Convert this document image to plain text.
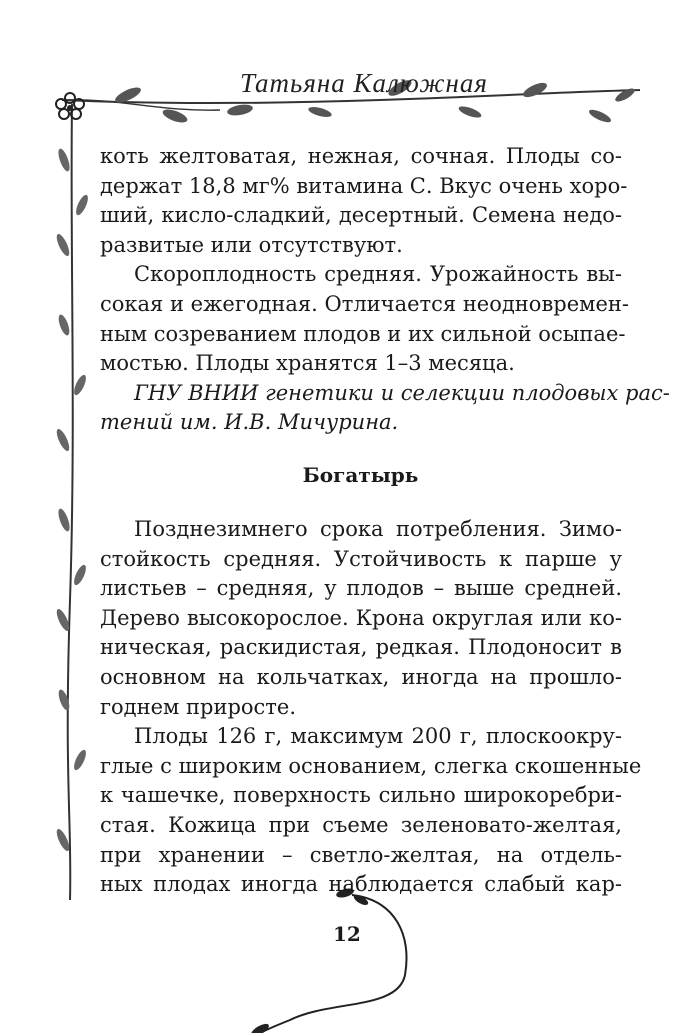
Татьяна Калюжная
коть желтоватая, нежная, сочная. Плоды со-
держат 18,8 мг% витамина С. Вкус очень хоро-
ший, кисло-сладкий, десертный. Семена недо-
развитые или отсутствуют.
Скороплодность средняя. Урожайность вы-
сокая и ежегодная. Отличается неодновремен-
ным созреванием плодов и их сильной осыпае-
мостью. Плоды хранятся 1–3 месяца.
ГНУ ВНИИ генетики и селекции плодовых рас-
тений им. И.В. Мичурина.
Богатырь
Позднезимнего срока потребления. Зимо-
стойкость средняя. Устойчивость к парше у
листьев – средняя, у плодов – выше средней.
Дерево высокорослое. Крона округлая или ко-
ническая, раскидистая, редкая. Плодоносит в
основном на кольчатках, иногда на прошло-
годнем приросте.
Плоды 126 г, максимум 200 г, плоскоокру-
глые с широким основанием, слегка скошенные
к чашечке, поверхность сильно широкоребри-
стая. Кожица при съеме зеленовато-желтая,
при хранении – светло-желтая, на отдель-
ных плодах иногда наблюдается слабый кар-
12
